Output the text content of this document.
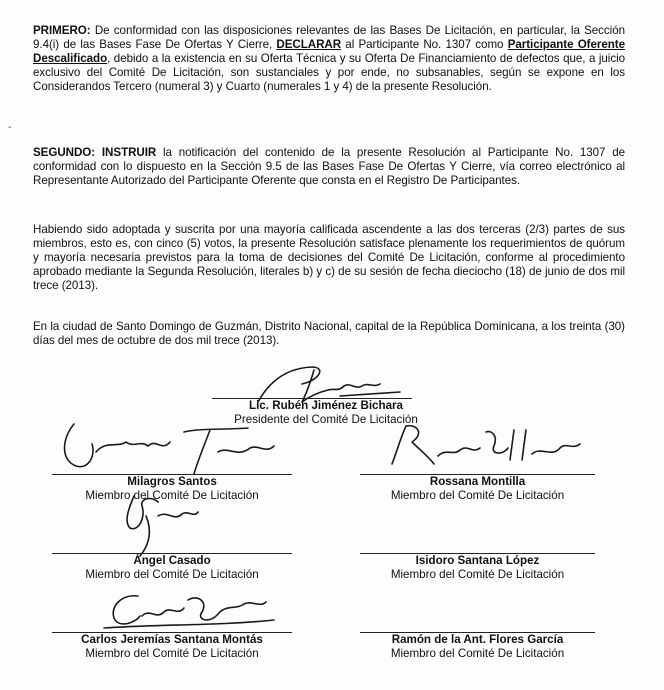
-

PRIMERO: De conformidad con las disposiciones relevantes de las Bases De Licitación, en particular, la Sección 9.4(i) de las Bases Fase De Ofertas Y Cierre, DECLARAR al Participante No. 1307 como Participante Oferente Descalificado, debido a la existencia en su Oferta Técnica y su Oferta De Financiamiento de defectos que, a juicio exclusivo del Comité De Licitación, son sustanciales y por ende, no subsanables, según se expone en los Considerandos Tercero (numeral 3) y Cuarto (numerales 1 y 4) de la presente Resolución.

SEGUNDO: INSTRUIR la notificación del contenido de la presente Resolución al Participante No. 1307 de conformidad con lo dispuesto en la Sección 9.5 de las Bases Fase De Ofertas Y Cierre, vía correo electrónico al Representante Autorizado del Participante Oferente que consta en el Registro De Participantes.

Habiendo sido adoptada y suscrita por una mayoría calificada ascendente a las dos terceras (2/3) partes de sus miembros, esto es, con cinco (5) votos, la presente Resolución satisface plenamente los requerimientos de quórum y mayoría necesaria previstos para la toma de decisiones del Comité De Licitación, conforme al procedimiento aprobado mediante la Segunda Resolución, literales b) y c) de su sesión de fecha dieciocho (18) de junio de dos mil trece (2013).

En la ciudad de Santo Domingo de Guzmán, Distrito Nacional, capital de la República Dominicana, a los treinta (30) días del mes de octubre de dos mil trece (2013).

Lic. Rubén Jiménez Bichara
Presidente del Comité De Licitación
Milagros Santos
Miembro del Comité De Licitación
Rossana Montilla
Miembro del Comité De Licitación
Ángel Casado
Miembro del Comité De Licitación
Isidoro Santana López
Miembro del Comité De Licitación
Carlos Jeremías Santana Montás
Miembro del Comité De Licitación
Ramón de la Ant. Flores García
Miembro del Comité De Licitación
